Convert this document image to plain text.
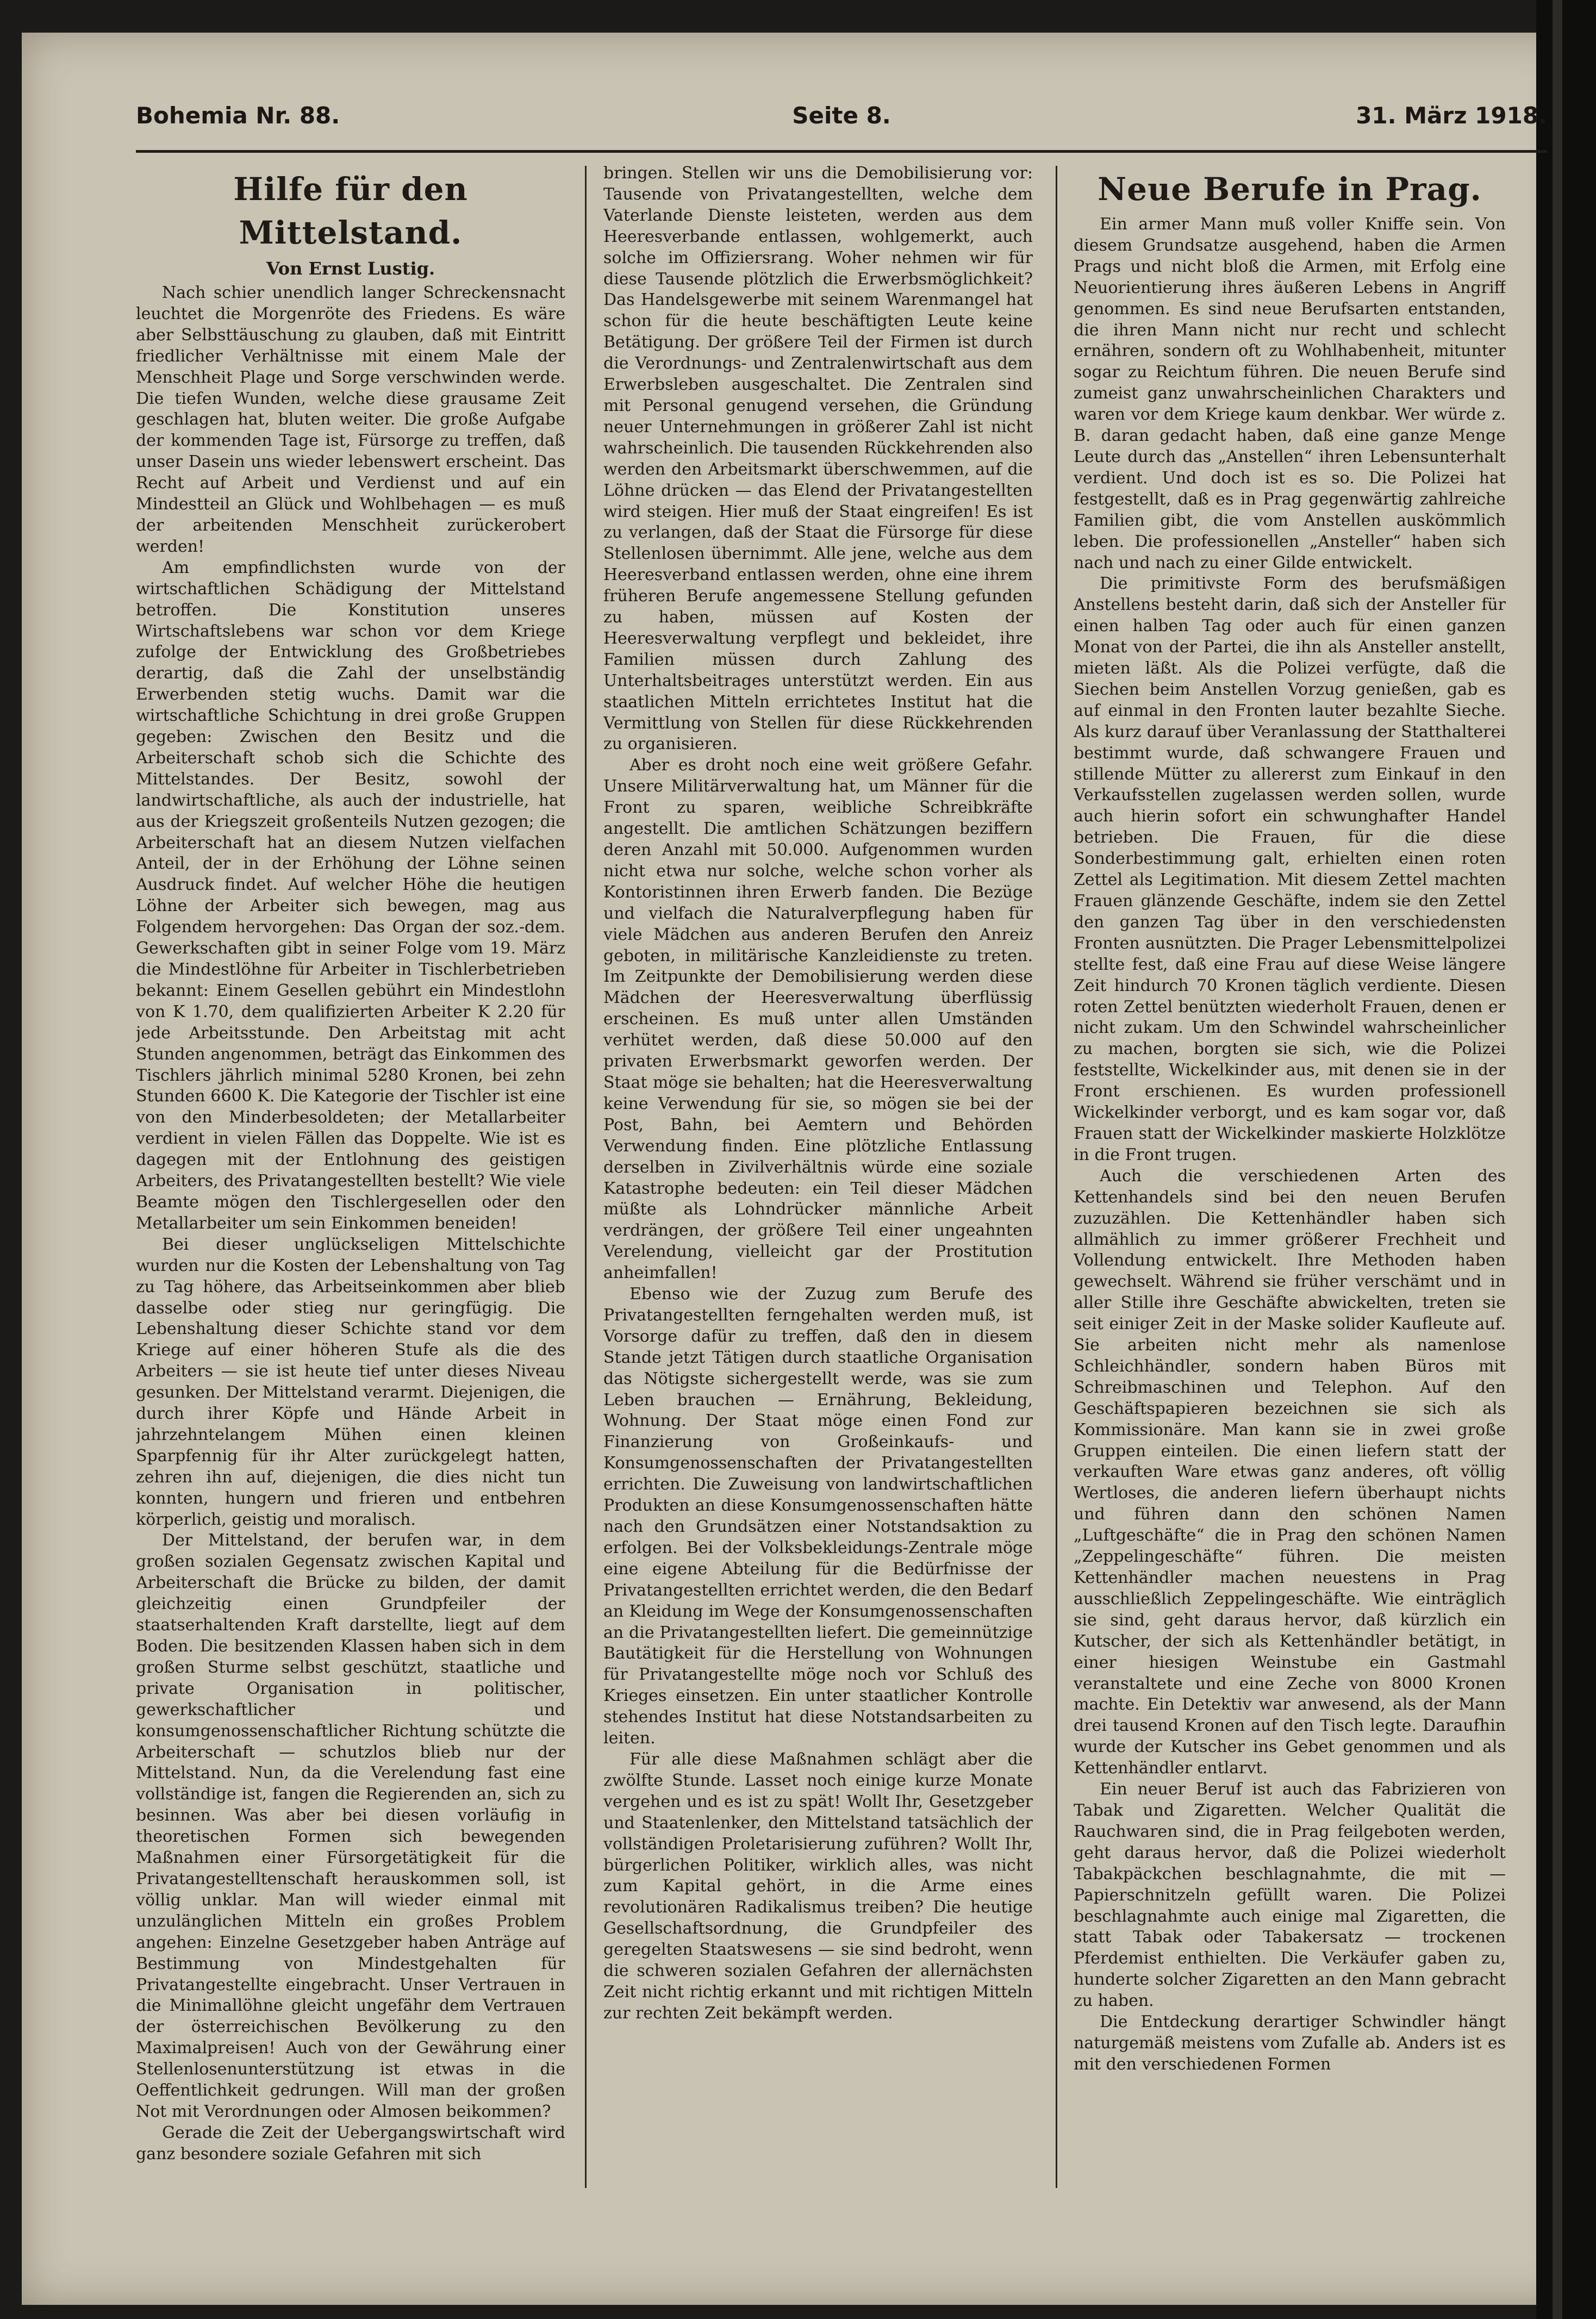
Bohemia Nr. 88.	Seite 8.	31. März 1918.
Hilfe für den Mittelstand.
Von Ernst Lustig.

Nach schier unendlich langer Schreckensnacht leuchtet die Morgenröte des Friedens. Es wäre aber Selbsttäuschung zu glauben, daß mit Eintritt friedlicher Verhältnisse mit einem Male der Menschheit Plage und Sorge verschwinden werde. Die tiefen Wunden, welche diese grausame Zeit geschlagen hat, bluten weiter. Die große Aufgabe der kommenden Tage ist, Fürsorge zu treffen, daß unser Dasein uns wieder lebenswert erscheint. Das Recht auf Arbeit und Verdienst und auf ein Mindestteil an Glück und Wohlbehagen — es muß der arbeitenden Menschheit zurückerobert werden!

Am empfindlichsten wurde von der wirtschaftlichen Schädigung der Mittelstand betroffen. Die Konstitution unseres Wirtschaftslebens war schon vor dem Kriege zufolge der Entwicklung des Großbetriebes derartig, daß die Zahl der unselbständig Erwerbenden stetig wuchs. Damit war die wirtschaftliche Schichtung in drei große Gruppen gegeben: Zwischen den Besitz und die Arbeiterschaft schob sich die Schichte des Mittelstandes. Der Besitz, sowohl der landwirtschaftliche, als auch der industrielle, hat aus der Kriegszeit großenteils Nutzen gezogen; die Arbeiterschaft hat an diesem Nutzen vielfachen Anteil, der in der Erhöhung der Löhne seinen Ausdruck findet. Auf welcher Höhe die heutigen Löhne der Arbeiter sich bewegen, mag aus Folgendem hervorgehen: Das Organ der soz.-dem. Gewerkschaften gibt in seiner Folge vom 19. März die Mindestlöhne für Arbeiter in Tischlerbetrieben bekannt: Einem Gesellen gebührt ein Mindestlohn von K 1.70, dem qualifizierten Arbeiter K 2.20 für jede Arbeitsstunde. Den Arbeitstag mit acht Stunden angenommen, beträgt das Einkommen des Tischlers jährlich minimal 5280 Kronen, bei zehn Stunden 6600 K. Die Kategorie der Tischler ist eine von den Minderbesoldeten; der Metallarbeiter verdient in vielen Fällen das Doppelte. Wie ist es dagegen mit der Entlohnung des geistigen Arbeiters, des Privatangestellten bestellt? Wie viele Beamte mögen den Tischlergesellen oder den Metallarbeiter um sein Einkommen beneiden!

Bei dieser unglückseligen Mittelschichte wurden nur die Kosten der Lebenshaltung von Tag zu Tag höhere, das Arbeitseinkommen aber blieb dasselbe oder stieg nur geringfügig. Die Lebenshaltung dieser Schichte stand vor dem Kriege auf einer höheren Stufe als die des Arbeiters — sie ist heute tief unter dieses Niveau gesunken. Der Mittelstand verarmt. Diejenigen, die durch ihrer Köpfe und Hände Arbeit in jahrzehntelangem Mühen einen kleinen Sparpfennig für ihr Alter zurückgelegt hatten, zehren ihn auf, diejenigen, die dies nicht tun konnten, hungern und frieren und entbehren körperlich, geistig und moralisch.

Der Mittelstand, der berufen war, in dem großen sozialen Gegensatz zwischen Kapital und Arbeiterschaft die Brücke zu bilden, der damit gleichzeitig einen Grundpfeiler der staatserhaltenden Kraft darstellte, liegt auf dem Boden. Die besitzenden Klassen haben sich in dem großen Sturme selbst geschützt, staatliche und private Organisation in politischer, gewerkschaftlicher und konsumgenossenschaftlicher Richtung schützte die Arbeiterschaft — schutzlos blieb nur der Mittelstand. Nun, da die Verelendung fast eine vollständige ist, fangen die Regierenden an, sich zu besinnen. Was aber bei diesen vorläufig in theoretischen Formen sich bewegenden Maßnahmen einer Fürsorgetätigkeit für die Privatangestelltenschaft herauskommen soll, ist völlig unklar. Man will wieder einmal mit unzulänglichen Mitteln ein großes Problem angehen: Einzelne Gesetzgeber haben Anträge auf Bestimmung von Mindestgehalten für Privatangestellte eingebracht. Unser Vertrauen in die Minimallöhne gleicht ungefähr dem Vertrauen der österreichischen Bevölkerung zu den Maximalpreisen! Auch von der Gewährung einer Stellenlosenunterstützung ist etwas in die Oeffentlichkeit gedrungen. Will man der großen Not mit Verordnungen oder Almosen beikommen?

Gerade die Zeit der Uebergangswirtschaft wird ganz besondere soziale Gefahren mit sich

bringen. Stellen wir uns die Demobilisierung vor: Tausende von Privatangestellten, welche dem Vaterlande Dienste leisteten, werden aus dem Heeresverbande entlassen, wohlgemerkt, auch solche im Offiziersrang. Woher nehmen wir für diese Tausende plötzlich die Erwerbsmöglichkeit? Das Handelsgewerbe mit seinem Warenmangel hat schon für die heute beschäftigten Leute keine Betätigung. Der größere Teil der Firmen ist durch die Verordnungs- und Zentralenwirtschaft aus dem Erwerbsleben ausgeschaltet. Die Zentralen sind mit Personal genugend versehen, die Gründung neuer Unternehmungen in größerer Zahl ist nicht wahrscheinlich. Die tausenden Rückkehrenden also werden den Arbeitsmarkt überschwemmen, auf die Löhne drücken — das Elend der Privatangestellten wird steigen. Hier muß der Staat eingreifen! Es ist zu verlangen, daß der Staat die Fürsorge für diese Stellenlosen übernimmt. Alle jene, welche aus dem Heeresverband entlassen werden, ohne eine ihrem früheren Berufe angemessene Stellung gefunden zu haben, müssen auf Kosten der Heeresverwaltung verpflegt und bekleidet, ihre Familien müssen durch Zahlung des Unterhaltsbeitrages unterstützt werden. Ein aus staatlichen Mitteln errichtetes Institut hat die Vermittlung von Stellen für diese Rückkehrenden zu organisieren.

Aber es droht noch eine weit größere Gefahr. Unsere Militärverwaltung hat, um Männer für die Front zu sparen, weibliche Schreibkräfte angestellt. Die amtlichen Schätzungen beziffern deren Anzahl mit 50.000. Aufgenommen wurden nicht etwa nur solche, welche schon vorher als Kontoristinnen ihren Erwerb fanden. Die Bezüge und vielfach die Naturalverpflegung haben für viele Mädchen aus anderen Berufen den Anreiz geboten, in militärische Kanzleidienste zu treten. Im Zeitpunkte der Demobilisierung werden diese Mädchen der Heeresverwaltung überflüssig erscheinen. Es muß unter allen Umständen verhütet werden, daß diese 50.000 auf den privaten Erwerbsmarkt geworfen werden. Der Staat möge sie behalten; hat die Heeresverwaltung keine Verwendung für sie, so mögen sie bei der Post, Bahn, bei Aemtern und Behörden Verwendung finden. Eine plötzliche Entlassung derselben in Zivilverhältnis würde eine soziale Katastrophe bedeuten: ein Teil dieser Mädchen müßte als Lohndrücker männliche Arbeit verdrängen, der größere Teil einer ungeahnten Verelendung, vielleicht gar der Prostitution anheimfallen!

Ebenso wie der Zuzug zum Berufe des Privatangestellten ferngehalten werden muß, ist Vorsorge dafür zu treffen, daß den in diesem Stande jetzt Tätigen durch staatliche Organisation das Nötigste sichergestellt werde, was sie zum Leben brauchen — Ernährung, Bekleidung, Wohnung. Der Staat möge einen Fond zur Finanzierung von Großeinkaufs- und Konsumgenossenschaften der Privatangestellten errichten. Die Zuweisung von landwirtschaftlichen Produkten an diese Konsumgenossenschaften hätte nach den Grundsätzen einer Notstandsaktion zu erfolgen. Bei der Volksbekleidungs-Zentrale möge eine eigene Abteilung für die Bedürfnisse der Privatangestellten errichtet werden, die den Bedarf an Kleidung im Wege der Konsumgenossenschaften an die Privatangestellten liefert. Die gemeinnützige Bautätigkeit für die Herstellung von Wohnungen für Privatangestellte möge noch vor Schluß des Krieges einsetzen. Ein unter staatlicher Kontrolle stehendes Institut hat diese Notstandsarbeiten zu leiten.

Für alle diese Maßnahmen schlägt aber die zwölfte Stunde. Lasset noch einige kurze Monate vergehen und es ist zu spät! Wollt Ihr, Gesetzgeber und Staatenlenker, den Mittelstand tatsächlich der vollständigen Proletarisierung zuführen? Wollt Ihr, bürgerlichen Politiker, wirklich alles, was nicht zum Kapital gehört, in die Arme eines revolutionären Radikalismus treiben? Die heutige Gesellschaftsordnung, die Grundpfeiler des geregelten Staatswesens — sie sind bedroht, wenn die schweren sozialen Gefahren der allernächsten Zeit nicht richtig erkannt und mit richtigen Mitteln zur rechten Zeit bekämpft werden.

Neue Berufe in Prag.

Ein armer Mann muß voller Kniffe sein. Von diesem Grundsatze ausgehend, haben die Armen Prags und nicht bloß die Armen, mit Erfolg eine Neuorientierung ihres äußeren Lebens in Angriff genommen. Es sind neue Berufsarten entstanden, die ihren Mann nicht nur recht und schlecht ernähren, sondern oft zu Wohlhabenheit, mitunter sogar zu Reichtum führen. Die neuen Berufe sind zumeist ganz unwahrscheinlichen Charakters und waren vor dem Kriege kaum denkbar. Wer würde z. B. daran gedacht haben, daß eine ganze Menge Leute durch das „Anstellen“ ihren Lebensunterhalt verdient. Und doch ist es so. Die Polizei hat festgestellt, daß es in Prag gegenwärtig zahlreiche Familien gibt, die vom Anstellen auskömmlich leben. Die professionellen „Ansteller“ haben sich nach und nach zu einer Gilde entwickelt.

Die primitivste Form des berufsmäßigen Anstellens besteht darin, daß sich der Ansteller für einen halben Tag oder auch für einen ganzen Monat von der Partei, die ihn als Ansteller anstellt, mieten läßt. Als die Polizei verfügte, daß die Siechen beim Anstellen Vorzug genießen, gab es auf einmal in den Fronten lauter bezahlte Sieche. Als kurz darauf über Veranlassung der Statthalterei bestimmt wurde, daß schwangere Frauen und stillende Mütter zu allererst zum Einkauf in den Verkaufsstellen zugelassen werden sollen, wurde auch hierin sofort ein schwunghafter Handel betrieben. Die Frauen, für die diese Sonderbestimmung galt, erhielten einen roten Zettel als Legitimation. Mit diesem Zettel machten Frauen glänzende Geschäfte, indem sie den Zettel den ganzen Tag über in den verschiedensten Fronten ausnützten. Die Prager Lebensmittelpolizei stellte fest, daß eine Frau auf diese Weise längere Zeit hindurch 70 Kronen täglich verdiente. Diesen roten Zettel benützten wiederholt Frauen, denen er nicht zukam. Um den Schwindel wahrscheinlicher zu machen, borgten sie sich, wie die Polizei feststellte, Wickelkinder aus, mit denen sie in der Front erschienen. Es wurden professionell Wickelkinder verborgt, und es kam sogar vor, daß Frauen statt der Wickelkinder maskierte Holzklötze in die Front trugen.

Auch die verschiedenen Arten des Kettenhandels sind bei den neuen Berufen zuzuzählen. Die Kettenhändler haben sich allmählich zu immer größerer Frechheit und Vollendung entwickelt. Ihre Methoden haben gewechselt. Während sie früher verschämt und in aller Stille ihre Geschäfte abwickelten, treten sie seit einiger Zeit in der Maske solider Kaufleute auf. Sie arbeiten nicht mehr als namenlose Schleichhändler, sondern haben Büros mit Schreibmaschinen und Telephon. Auf den Geschäftspapieren bezeichnen sie sich als Kommissionäre. Man kann sie in zwei große Gruppen einteilen. Die einen liefern statt der verkauften Ware etwas ganz anderes, oft völlig Wertloses, die anderen liefern überhaupt nichts und führen dann den schönen Namen „Luftgeschäfte“ die in Prag den schönen Namen „Zeppelingeschäfte“ führen. Die meisten Kettenhändler machen neuestens in Prag ausschließlich Zeppelingeschäfte. Wie einträglich sie sind, geht daraus hervor, daß kürzlich ein Kutscher, der sich als Kettenhändler betätigt, in einer hiesigen Weinstube ein Gastmahl veranstaltete und eine Zeche von 8000 Kronen machte. Ein Detektiv war anwesend, als der Mann drei tausend Kronen auf den Tisch legte. Daraufhin wurde der Kutscher ins Gebet genommen und als Kettenhändler entlarvt.

Ein neuer Beruf ist auch das Fabrizieren von Tabak und Zigaretten. Welcher Qualität die Rauchwaren sind, die in Prag feilgeboten werden, geht daraus hervor, daß die Polizei wiederholt Tabakpäckchen beschlagnahmte, die mit — Papierschnitzeln gefüllt waren. Die Polizei beschlagnahmte auch einige mal Zigaretten, die statt Tabak oder Tabakersatz — trockenen Pferdemist enthielten. Die Verkäufer gaben zu, hunderte solcher Zigaretten an den Mann gebracht zu haben.

Die Entdeckung derartiger Schwindler hängt naturgemäß meistens vom Zufalle ab. Anders ist es mit den verschiedenen Formen
